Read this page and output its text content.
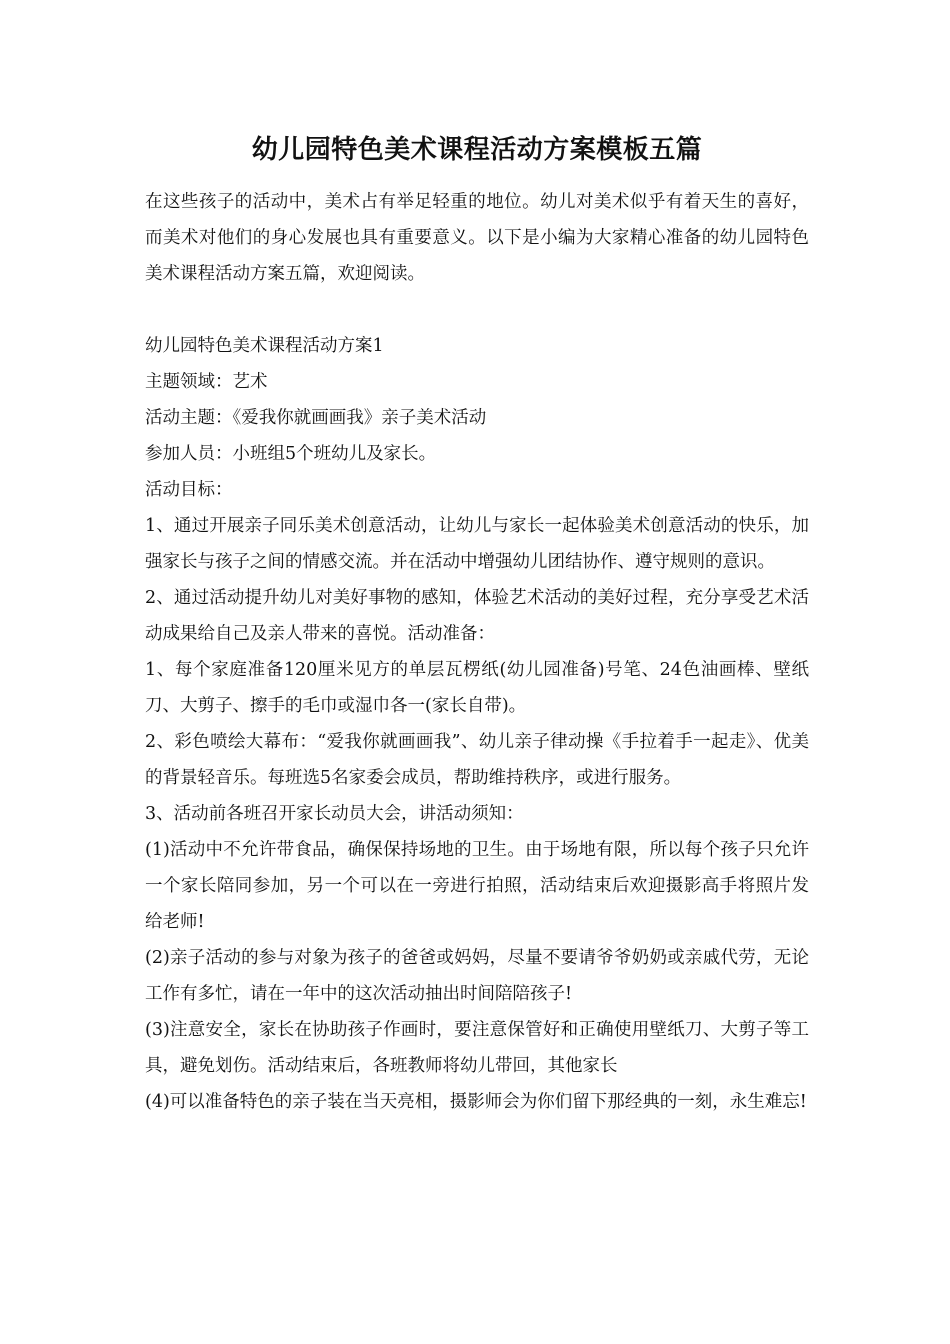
幼儿园特色美术课程活动方案模板五篇

在这些孩子的活动中，美术占有举足轻重的地位。幼儿对美术似乎有着天生的喜好，而美术对他们的身心发展也具有重要意义。以下是小编为大家精心准备的幼儿园特色美术课程活动方案五篇，欢迎阅读。

幼儿园特色美术课程活动方案1

主题领域：艺术

活动主题：《爱我你就画画我》亲子美术活动

参加人员：小班组5个班幼儿及家长。

活动目标：

1、通过开展亲子同乐美术创意活动，让幼儿与家长一起体验美术创意活动的快乐，加强家长与孩子之间的情感交流。并在活动中增强幼儿团结协作、遵守规则的意识。

2、通过活动提升幼儿对美好事物的感知，体验艺术活动的美好过程，充分享受艺术活动成果给自己及亲人带来的喜悦。活动准备：

1、每个家庭准备120厘米见方的单层瓦楞纸(幼儿园准备)号笔、24色油画棒、壁纸刀、大剪子、擦手的毛巾或湿巾各一(家长自带)。

2、彩色喷绘大幕布：“爱我你就画画我”、幼儿亲子律动操《手拉着手一起走》、优美的背景轻音乐。每班选5名家委会成员，帮助维持秩序，或进行服务。

3、活动前各班召开家长动员大会，讲活动须知：

(1)活动中不允许带食品，确保保持场地的卫生。由于场地有限，所以每个孩子只允许一个家长陪同参加，另一个可以在一旁进行拍照，活动结束后欢迎摄影高手将照片发给老师!

(2)亲子活动的参与对象为孩子的爸爸或妈妈，尽量不要请爷爷奶奶或亲戚代劳，无论工作有多忙，请在一年中的这次活动抽出时间陪陪孩子!

(3)注意安全，家长在协助孩子作画时，要注意保管好和正确使用壁纸刀、大剪子等工具，避免划伤。活动结束后，各班教师将幼儿带回，其他家长

(4)可以准备特色的亲子装在当天亮相，摄影师会为你们留下那经典的一刻，永生难忘!
